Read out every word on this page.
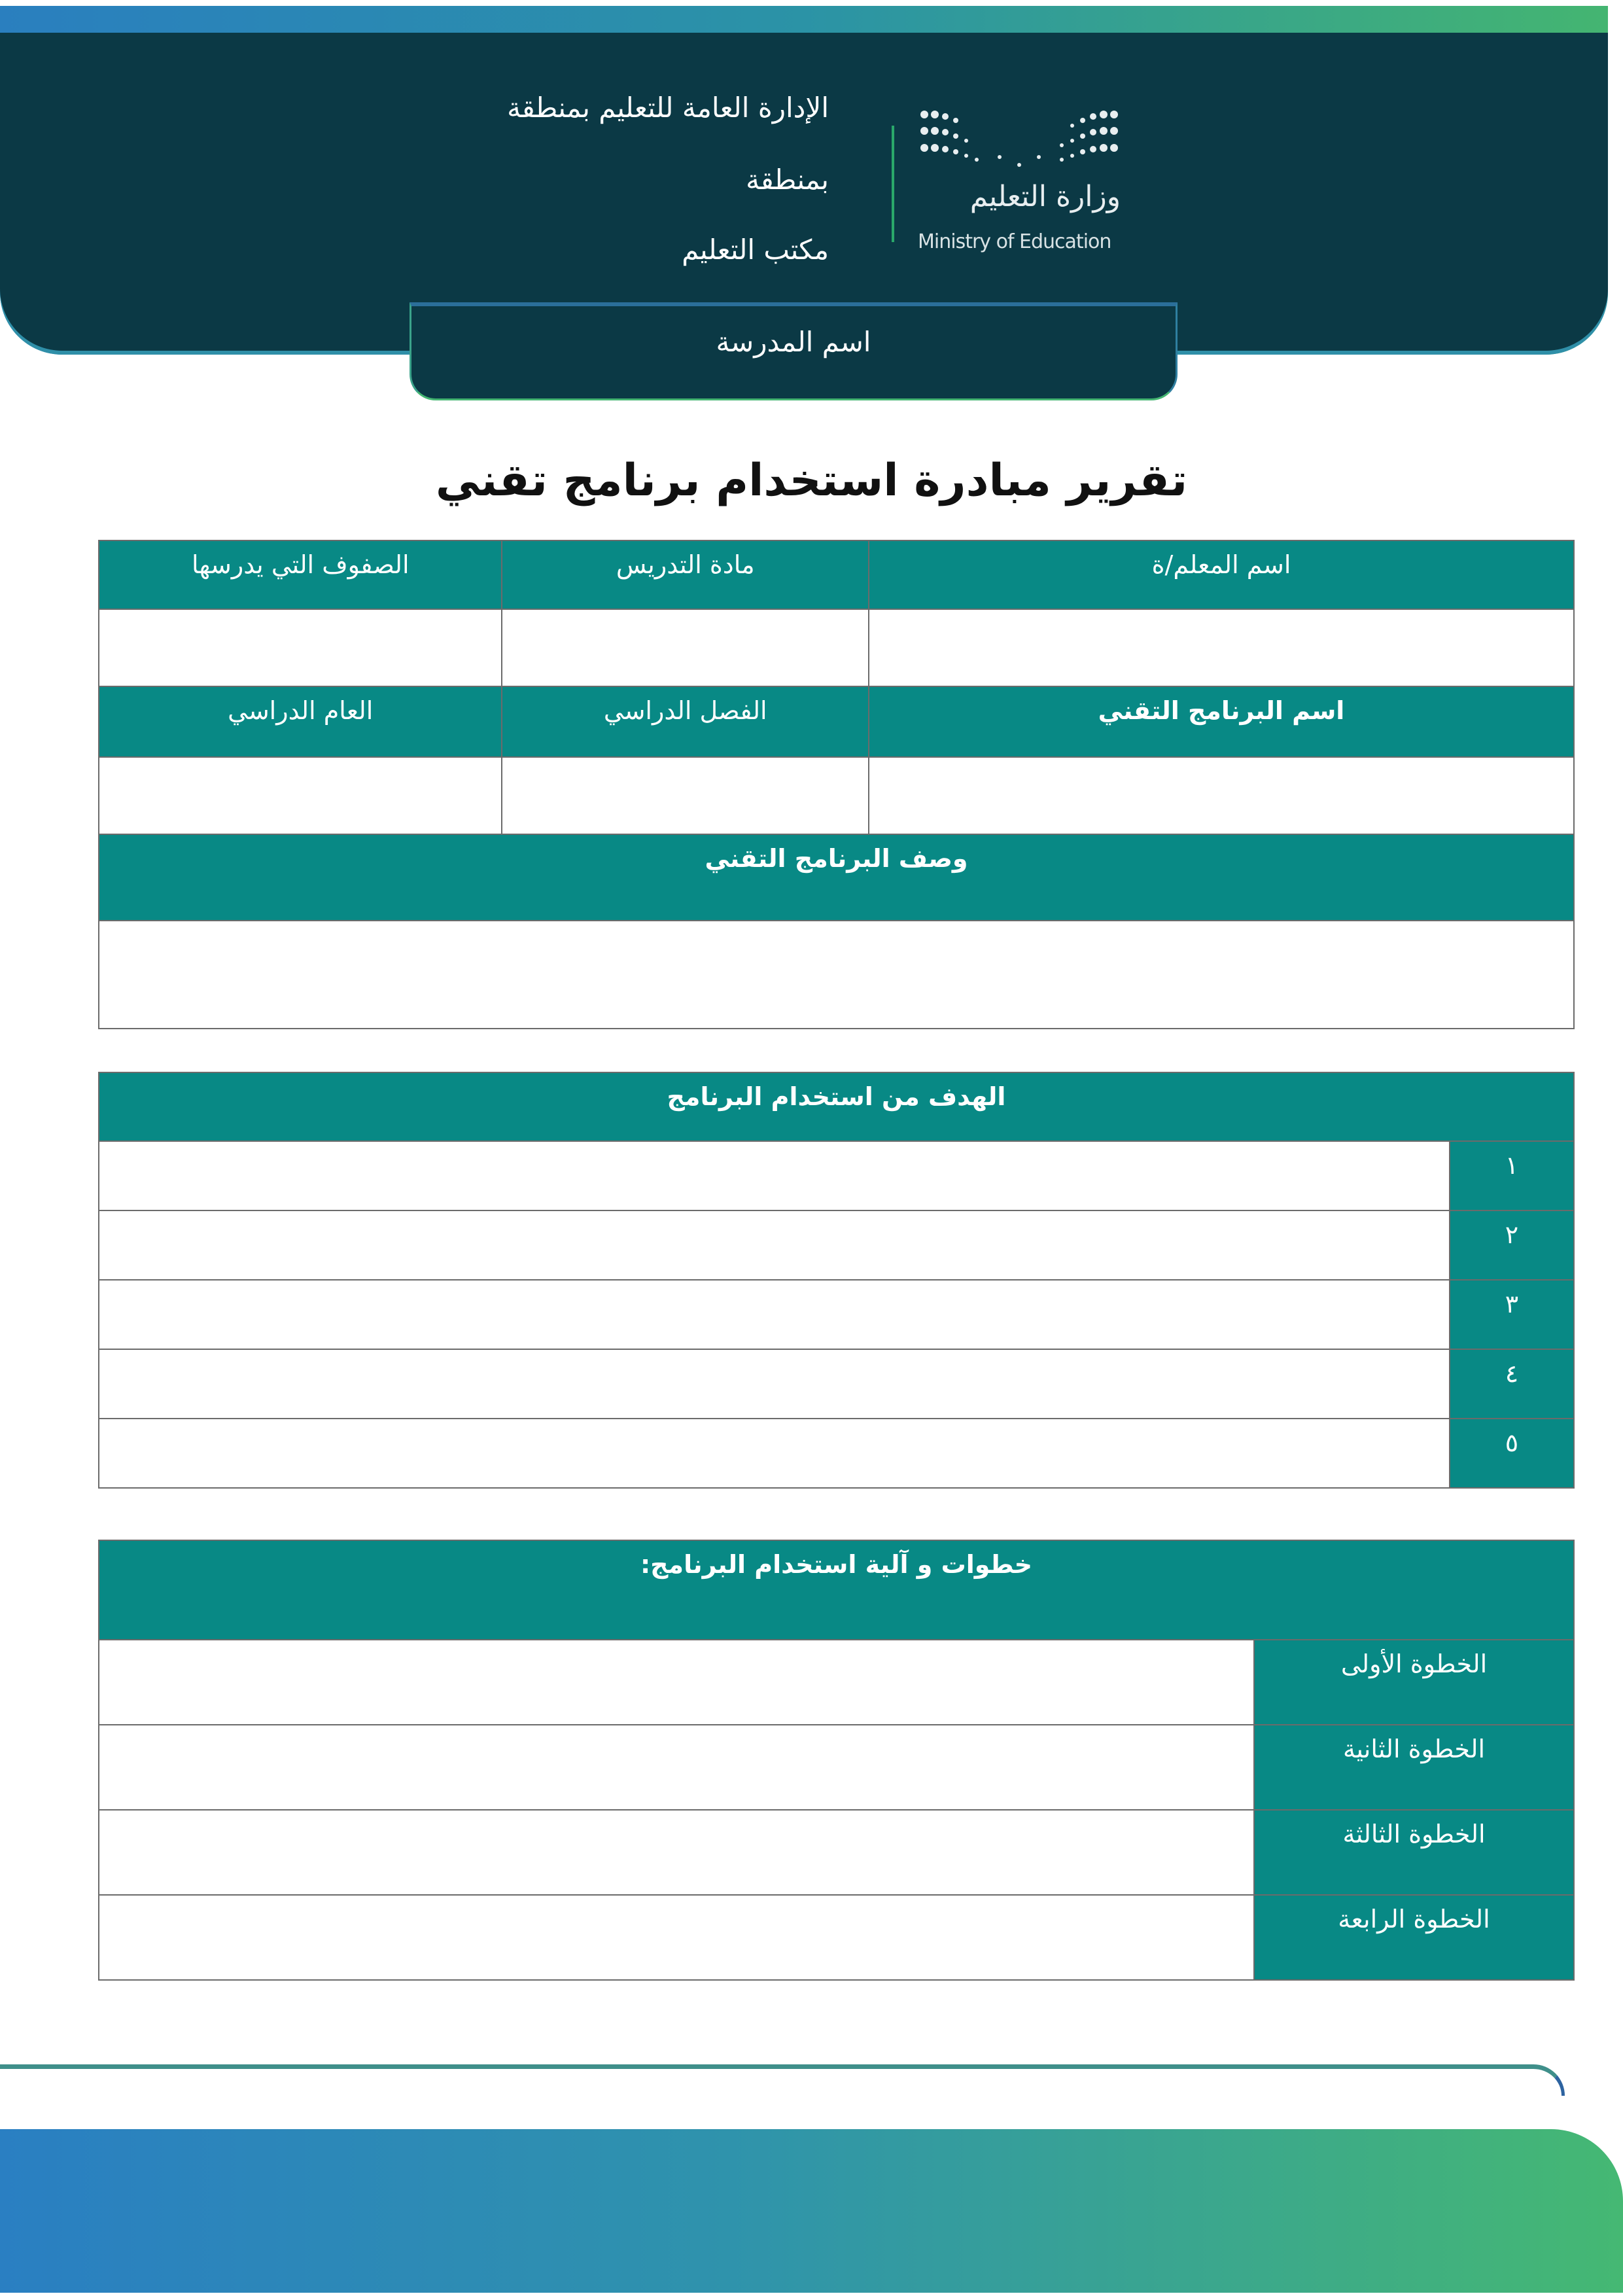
الإدارة العامة للتعليم بمنطقة
بمنطقة
مكتب التعليم
وزارة التعليم
Ministry of Education
اسم المدرسة
تقرير مبادرة استخدام برنامج تقني
اسم المعلم/ة	مادة التدريس	الصفوف التي يدرسها

اسم البرنامج التقني	الفصل الدراسي	العام الدراسي

وصف البرنامج التقني		

الهدف من استخدام البرنامج	
١	
٢	
٣	
٤	
٥	
خطوات و آلية استخدام البرنامج:	
الخطوة الأولى	
الخطوة الثانية	
الخطوة الثالثة	
الخطوة الرابعة	
